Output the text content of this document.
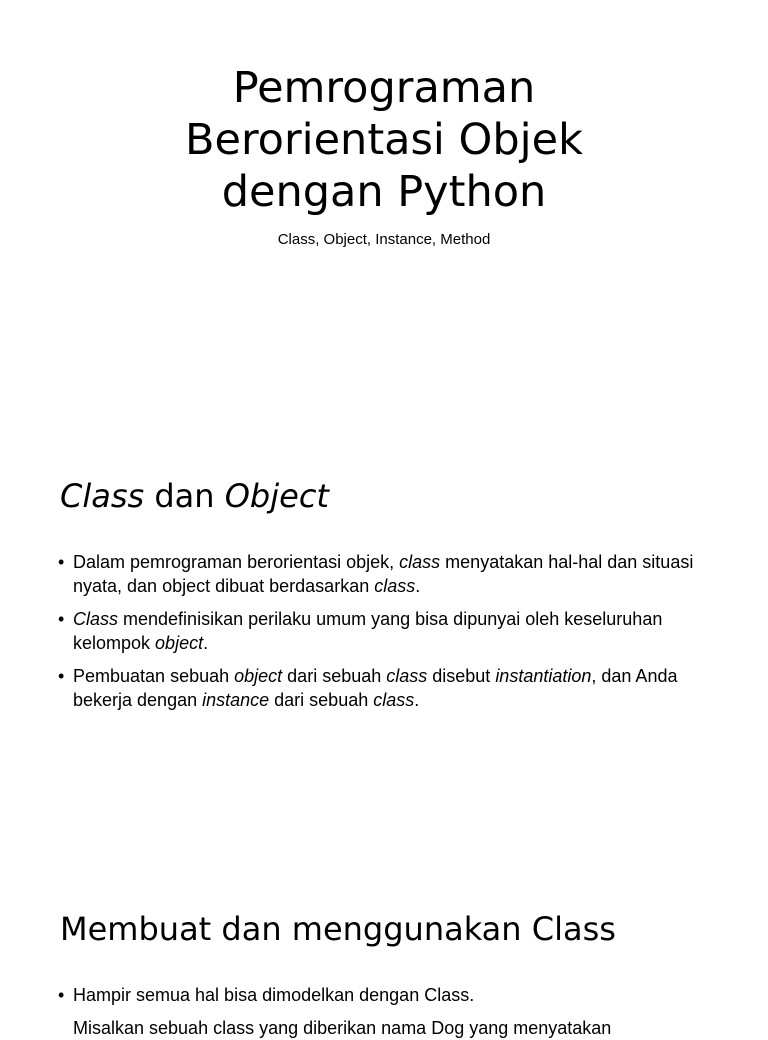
Pemrograman
Berorientasi Objek
dengan Python
Class, Object, Instance, Method
Class dan Object
• Dalam pemrograman berorientasi objek, class menyatakan hal-hal dan situasi nyata, dan object dibuat berdasarkan class.
• Class mendefinisikan perilaku umum yang bisa dipunyai oleh keseluruhan kelompok object.
• Pembuatan sebuah object dari sebuah class disebut instantiation, dan Anda bekerja dengan instance dari sebuah class.
Membuat dan menggunakan Class
• Hampir semua hal bisa dimodelkan dengan Class.
Misalkan sebuah class yang diberikan nama Dog yang menyatakan
